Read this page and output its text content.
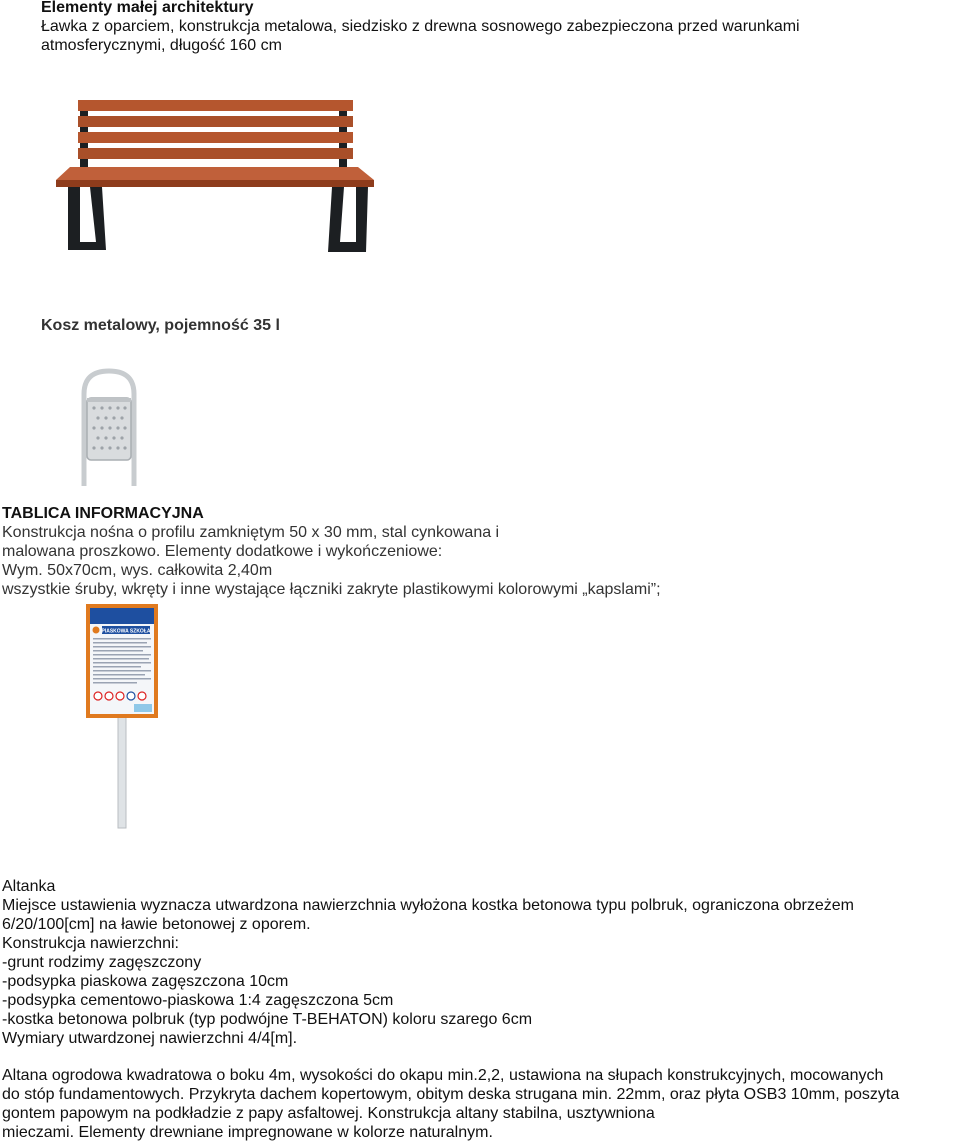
Elementy małej architektury
Ławka z oparciem, konstrukcja metalowa, siedzisko z drewna sosnowego zabezpieczona przed warunkami
atmosferycznymi, długość 160 cm
Kosz metalowy, pojemność 35 l
TABLICA INFORMACYJNA
Konstrukcja nośna o profilu zamkniętym 50 x 30 mm, stal cynkowana i
malowana proszkowo. Elementy dodatkowe i wykończeniowe:
Wym. 50x70cm, wys. całkowita 2,40m
wszystkie śruby, wkręty i inne wystające łączniki zakryte plastikowymi kolorowymi „kapslami”;
PIASKOWA SZKOŁA
Altanka
Miejsce ustawienia wyznacza utwardzona nawierzchnia wyłożona kostka betonowa typu polbruk, ograniczona obrzeżem
6/20/100[cm] na ławie betonowej z oporem.
Konstrukcja nawierzchni:
-grunt rodzimy zagęszczony
-podsypka piaskowa zagęszczona 10cm
-podsypka cementowo-piaskowa 1:4 zagęszczona 5cm
-kostka betonowa polbruk (typ podwójne T-BEHATON) koloru szarego 6cm
Wymiary utwardzonej nawierzchni 4/4[m].
Altana ogrodowa kwadratowa o boku 4m, wysokości do okapu min.2,2, ustawiona na słupach konstrukcyjnych, mocowanych
do stóp fundamentowych. Przykryta dachem kopertowym, obitym deska strugana min. 22mm, oraz płyta OSB3 10mm, poszyta
gontem papowym na podkładzie z papy asfaltowej. Konstrukcja altany stabilna, usztywniona
mieczami. Elementy drewniane impregnowane w kolorze naturalnym.
